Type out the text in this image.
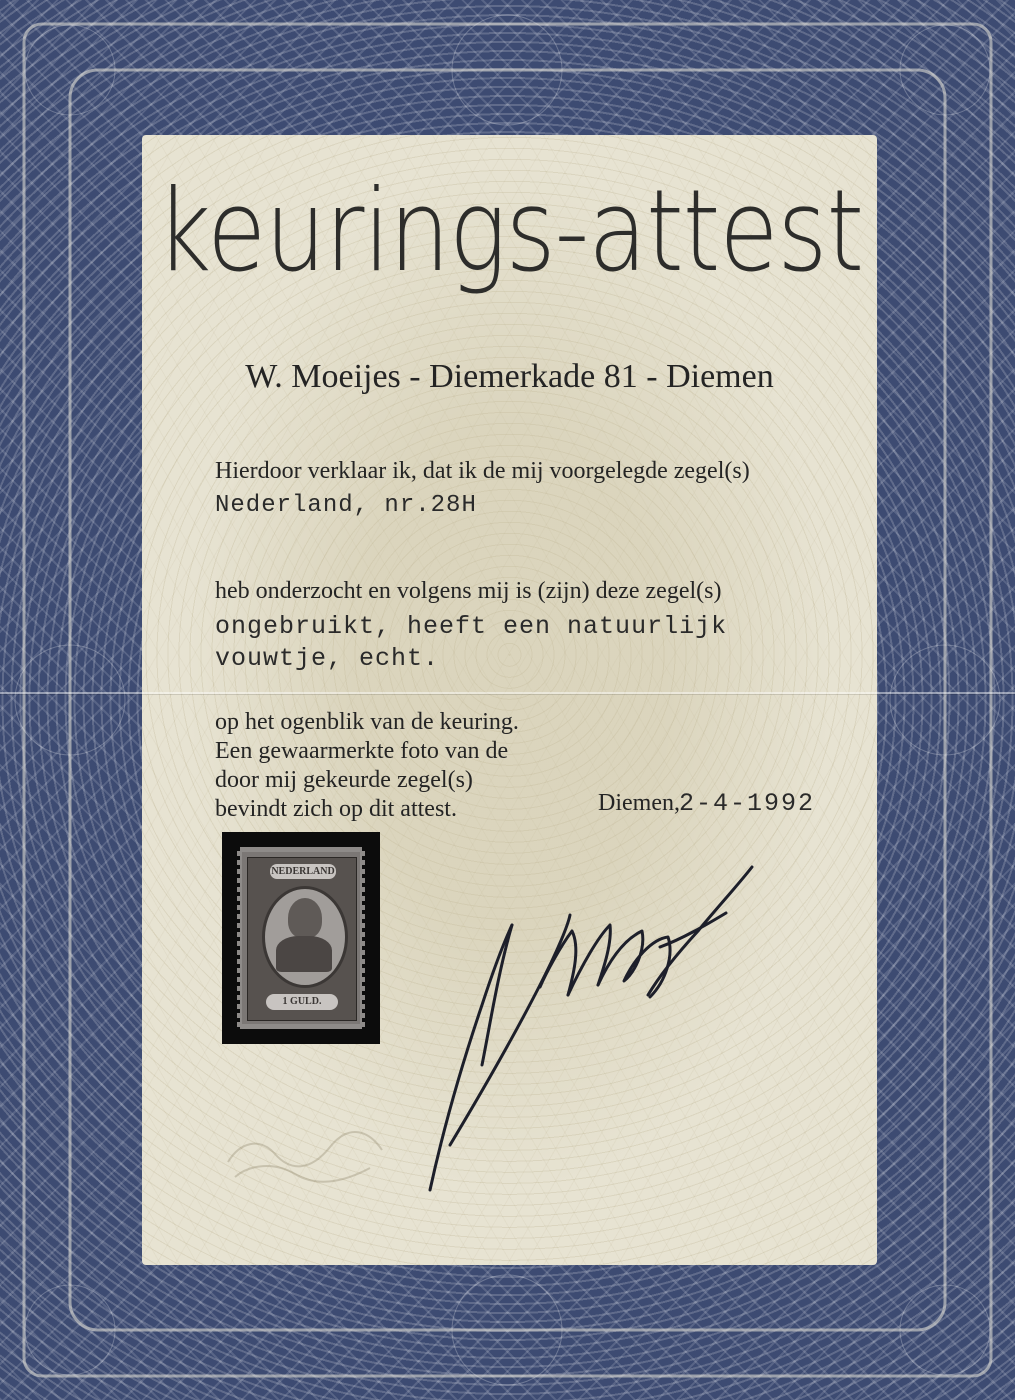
keurings-attest
W. Moeijes - Diemerkade 81 - Diemen
Hierdoor verklaar ik, dat ik de mij voorgelegde zegel(s)
Nederland, nr.28H
heb onderzocht en volgens mij is (zijn) deze zegel(s)
ongebruikt, heeft een natuurlijk
vouwtje, echt.
op het ogenblik van de keuring.
Een gewaarmerkte foto van de
door mij gekeurde zegel(s)
bevindt zich op dit attest.	Diemen, 2-4-1992
NEDERLAND
1 GULD.
